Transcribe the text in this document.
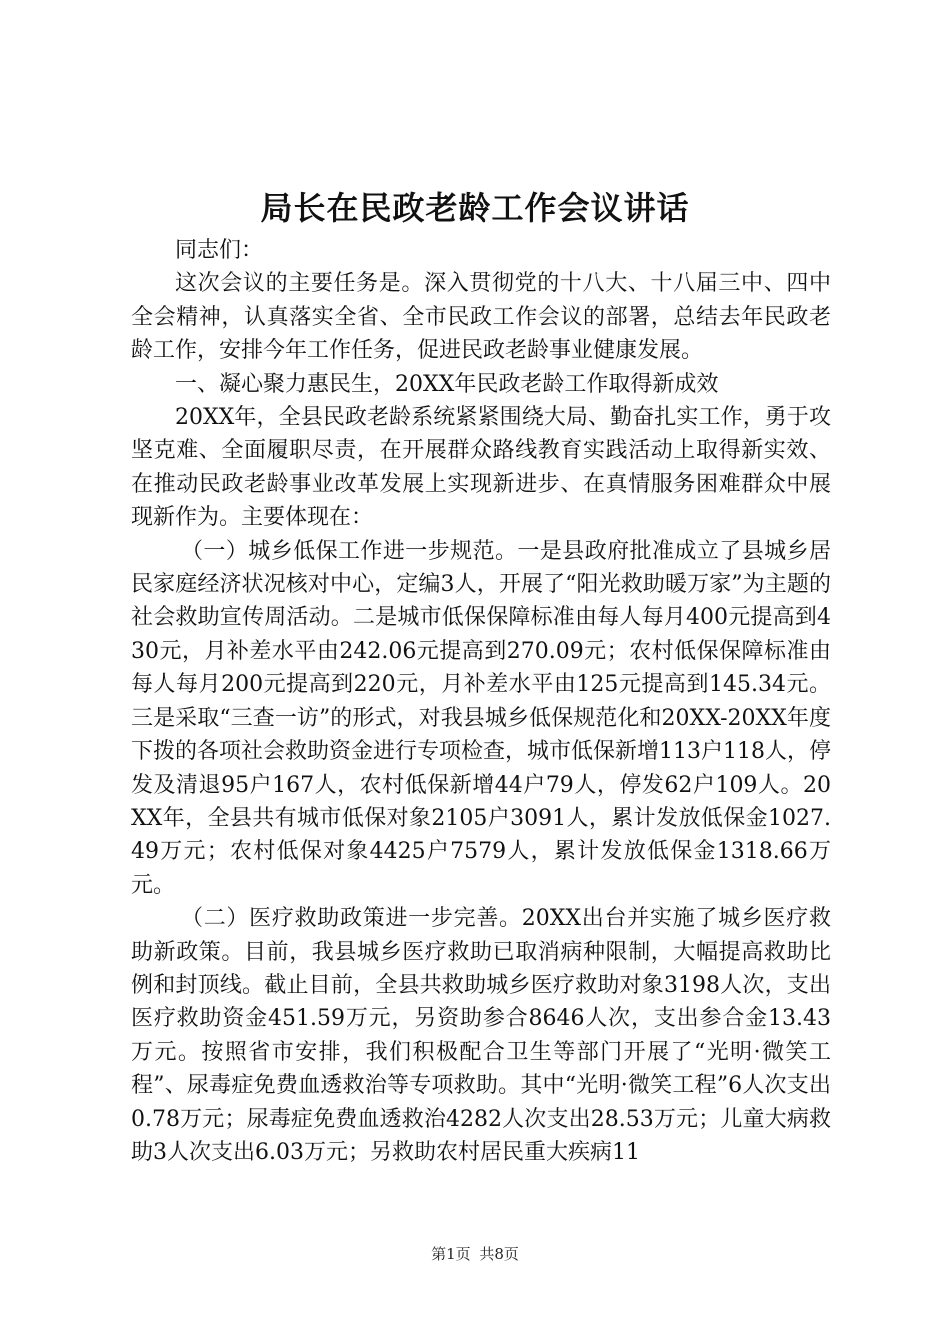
局长在民政老龄工作会议讲话

同志们：

这次会议的主要任务是。深入贯彻党的十八大、十八届三中、四中全会精神，认真落实全省、全市民政工作会议的部署，总结去年民政老龄工作，安排今年工作任务，促进民政老龄事业健康发展。

一、凝心聚力惠民生，20XX年民政老龄工作取得新成效

20XX年，全县民政老龄系统紧紧围绕大局、勤奋扎实工作，勇于攻坚克难、全面履职尽责，在开展群众路线教育实践活动上取得新实效、在推动民政老龄事业改革发展上实现新进步、在真情服务困难群众中展现新作为。主要体现在：

（一）城乡低保工作进一步规范。一是县政府批准成立了县城乡居民家庭经济状况核对中心，定编3人，开展了“阳光救助暖万家”为主题的社会救助宣传周活动。二是城市低保保障标准由每人每月400元提高到430元，月补差水平由242.06元提高到270.09元；农村低保保障标准由每人每月200元提高到220元，月补差水平由125元提高到145.34元。三是采取“三查一访”的形式，对我县城乡低保规范化和20XX-20XX年度下拨的各项社会救助资金进行专项检查，城市低保新增113户118人，停发及清退95户167人，农村低保新增44户79人，停发62户109人。20XX年，全县共有城市低保对象2105户3091人，累计发放低保金1027.49万元；农村低保对象4425户7579人，累计发放低保金1318.66万元。

（二）医疗救助政策进一步完善。20XX出台并实施了城乡医疗救助新政策。目前，我县城乡医疗救助已取消病种限制，大幅提高救助比例和封顶线。截止目前，全县共救助城乡医疗救助对象3198人次，支出医疗救助资金451.59万元，另资助参合8646人次，支出参合金13.43万元。按照省市安排，我们积极配合卫生等部门开展了“光明·微笑工程”、尿毒症免费血透救治等专项救助。其中“光明·微笑工程”6人次支出0.78万元；尿毒症免费血透救治4282人次支出28.53万元；儿童大病救助3人次支出6.03万元；另救助农村居民重大疾病11

第1页 共8页
